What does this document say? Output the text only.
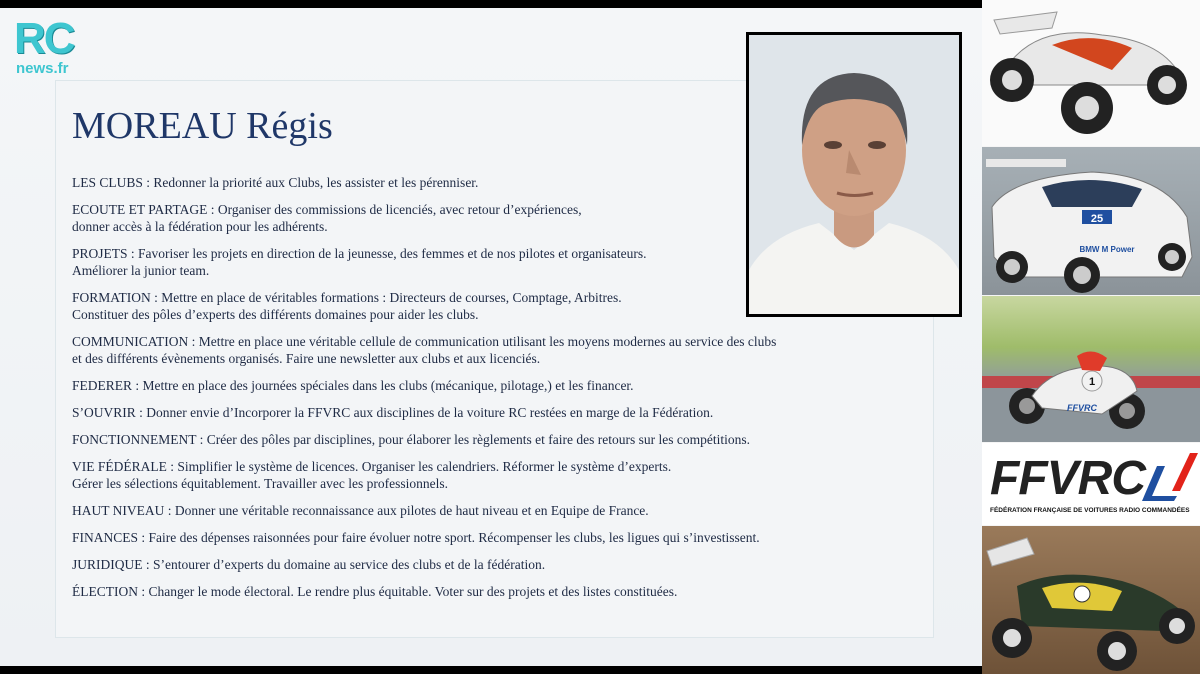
RC
news.fr
MOREAU Régis

LES CLUBS : Redonner la priorité aux Clubs, les assister et les pérenniser.

ECOUTE ET PARTAGE : Organiser des commissions de licenciés, avec retour d’expériences,
donner accès à la fédération pour les adhérents.

PROJETS : Favoriser les projets en direction de la jeunesse, des femmes et de nos pilotes et organisateurs.
Améliorer la junior team.

FORMATION : Mettre en place de véritables formations : Directeurs de courses, Comptage, Arbitres.
Constituer des pôles d’experts des différents domaines pour aider les clubs.

COMMUNICATION : Mettre en place une véritable cellule de communication utilisant les moyens modernes au service des clubs
et des différents évènements organisés. Faire une newsletter aux clubs et aux licenciés.

FEDERER : Mettre en place des journées spéciales dans les clubs (mécanique, pilotage,) et les financer.

S’OUVRIR : Donner envie d’Incorporer la FFVRC aux disciplines de la voiture RC restées en marge de la Fédération.

FONCTIONNEMENT : Créer des pôles par disciplines, pour élaborer les règlements et faire des retours sur les compétitions.

VIE FÉDÉRALE : Simplifier le système de licences. Organiser les calendriers. Réformer le système d’experts.
Gérer les sélections équitablement. Travailler avec les professionnels.

HAUT NIVEAU : Donner une véritable reconnaissance aux pilotes de haut niveau et en Equipe de France.

FINANCES : Faire des dépenses raisonnées pour faire évoluer notre sport. Récompenser les clubs, les ligues qui s’investissent.

JURIDIQUE : S’entourer d’experts du domaine au service des clubs et de la fédération.

ÉLECTION : Changer le mode électoral. Le rendre plus équitable. Voter sur des projets et des listes constituées.

25
BMW M Power
1
FFVRC
FFVRC
FÉDÉRATION FRANÇAISE DE VOITURES RADIO COMMANDÉES
